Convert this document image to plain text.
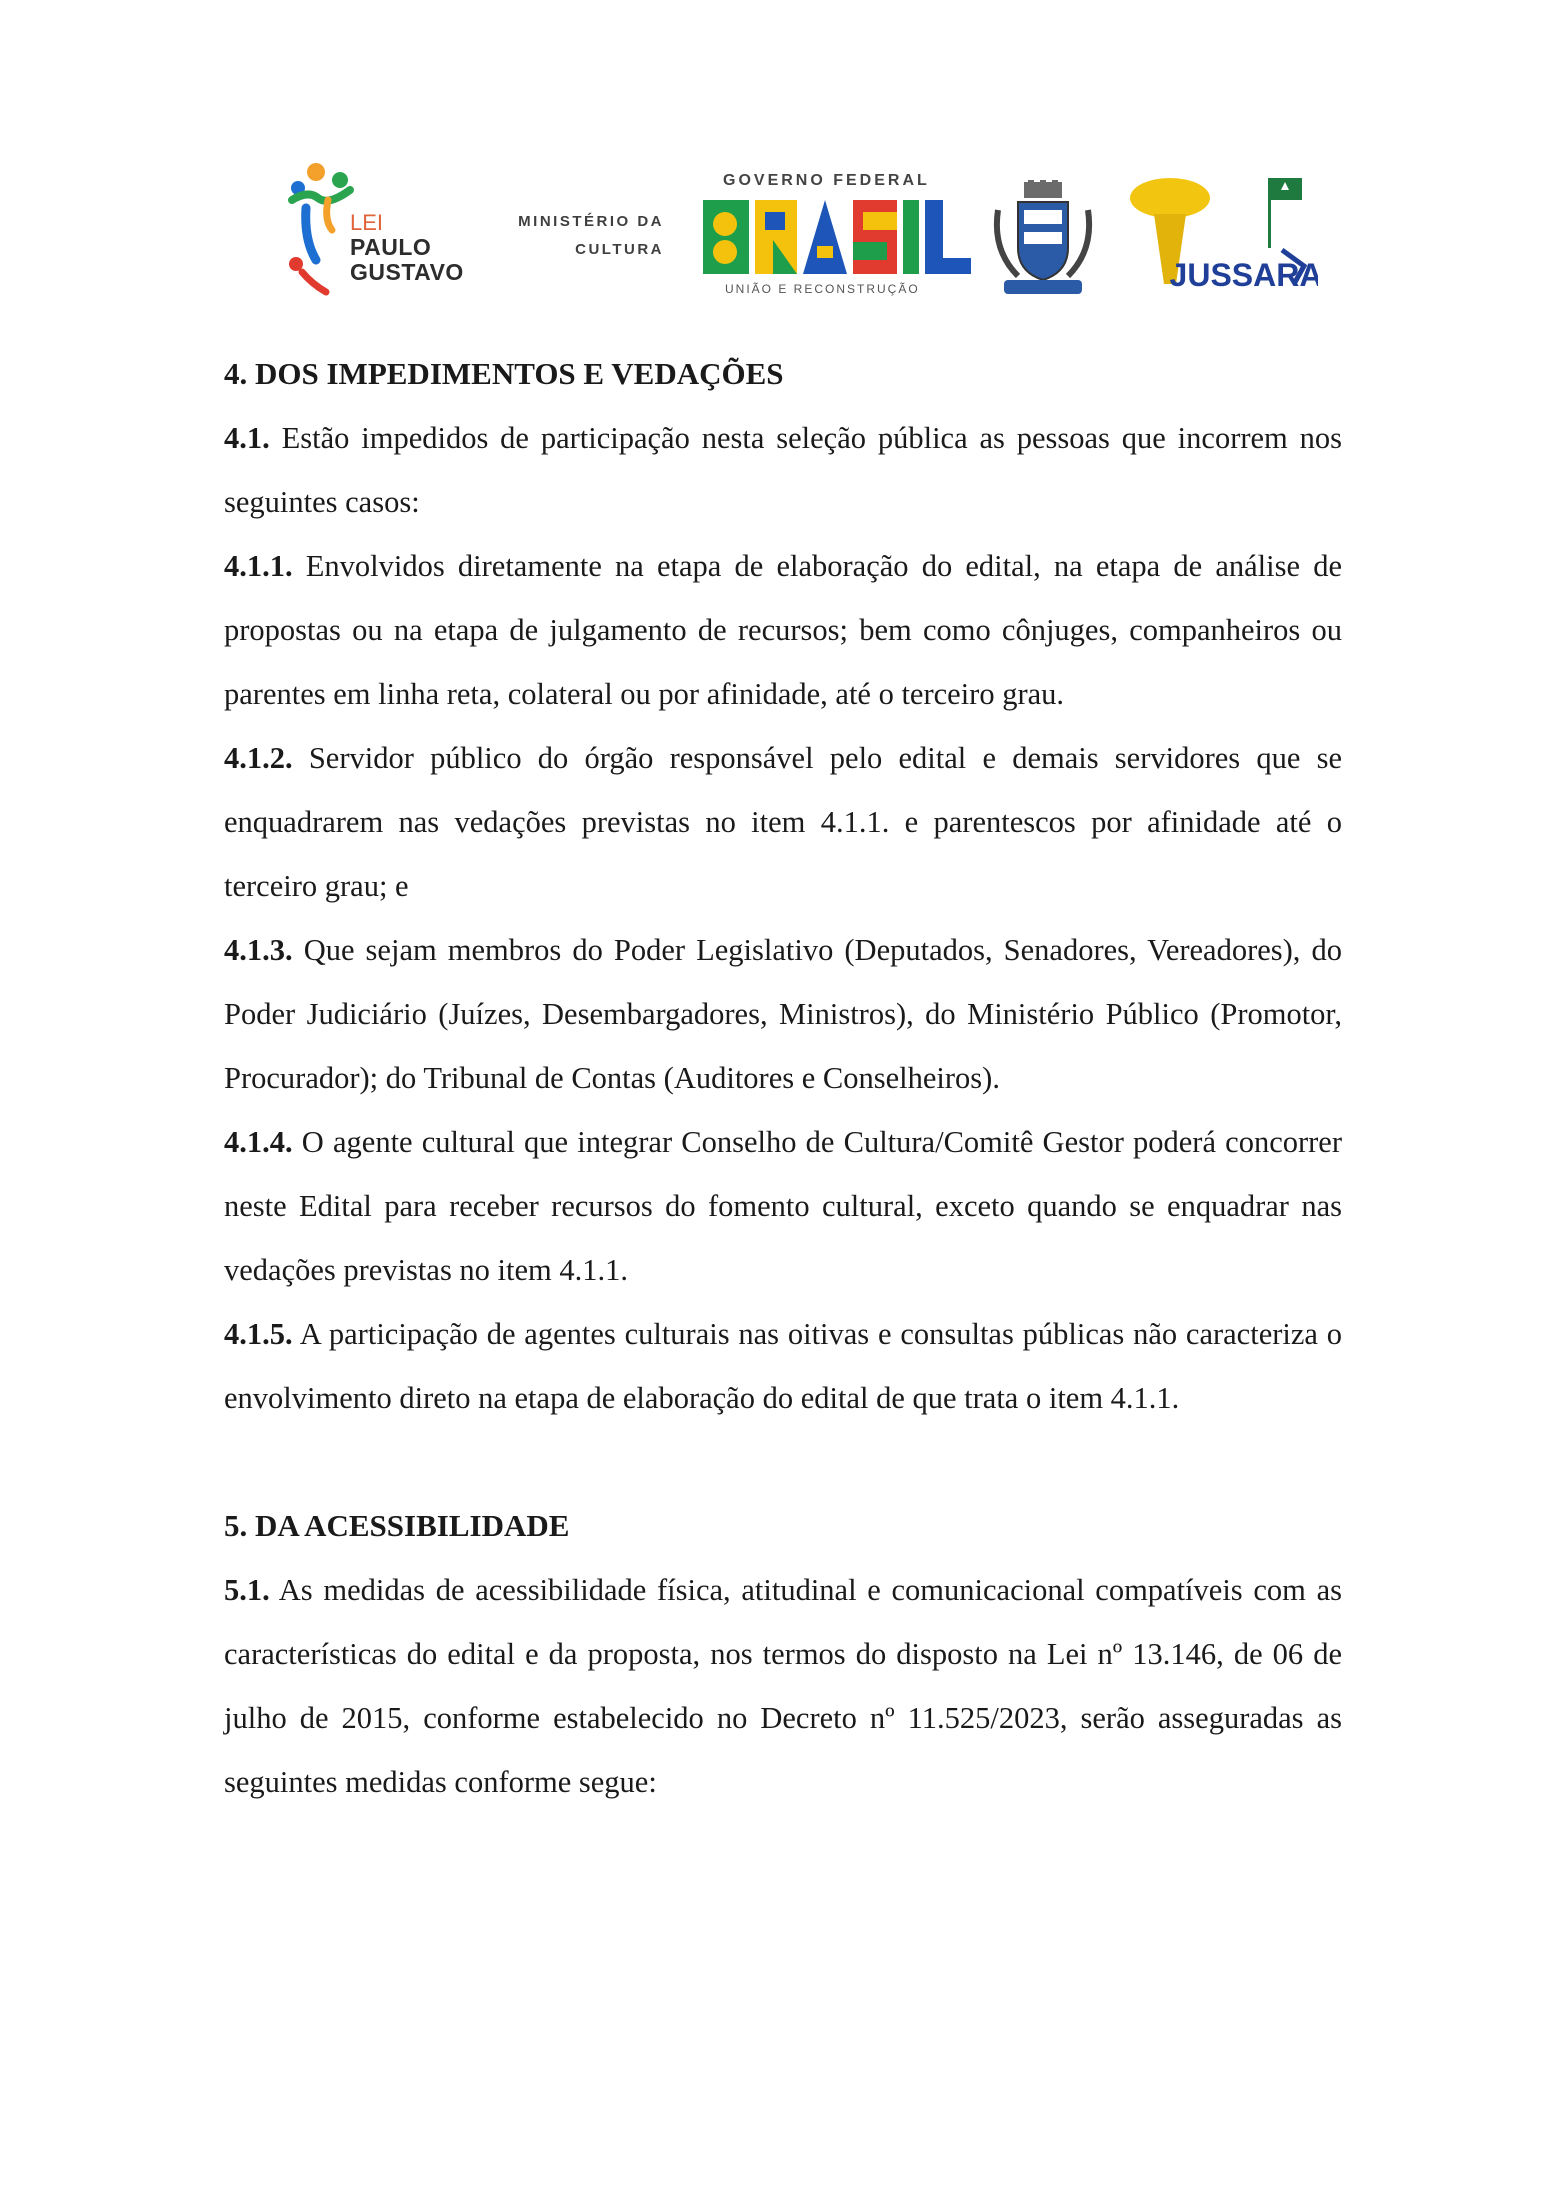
LEI
PAULO
GUSTAVO
MINISTÉRIO DA
CULTURA
GOVERNO FEDERAL
UNIÃO E RECONSTRUÇÃO	JUSSARA
4. DOS IMPEDIMENTOS E VEDAÇÕES

4.1. Estão impedidos de participação nesta seleção pública as pessoas que incorrem nos seguintes casos:

4.1.1. Envolvidos diretamente na etapa de elaboração do edital, na etapa de análise de propostas ou na etapa de julgamento de recursos; bem como cônjuges, companheiros ou parentes em linha reta, colateral ou por afinidade, até o terceiro grau.

4.1.2. Servidor público do órgão responsável pelo edital e demais servidores que se enquadrarem nas vedações previstas no item 4.1.1. e parentescos por afinidade até o terceiro grau; e

4.1.3. Que sejam membros do Poder Legislativo (Deputados, Senadores, Vereadores), do Poder Judiciário (Juízes, Desembargadores, Ministros), do Ministério Público (Promotor, Procurador); do Tribunal de Contas (Auditores e Conselheiros).

4.1.4. O agente cultural que integrar Conselho de Cultura/Comitê Gestor poderá concorrer neste Edital para receber recursos do fomento cultural, exceto quando se enquadrar nas vedações previstas no item 4.1.1.

4.1.5. A participação de agentes culturais nas oitivas e consultas públicas não caracteriza o envolvimento direto na etapa de elaboração do edital de que trata o item 4.1.1.

5. DA ACESSIBILIDADE

5.1. As medidas de acessibilidade física, atitudinal e comunicacional compatíveis com as características do edital e da proposta, nos termos do disposto na Lei nº 13.146, de 06 de julho de 2015, conforme estabelecido no Decreto nº 11.525/2023, serão asseguradas as seguintes medidas conforme segue:
